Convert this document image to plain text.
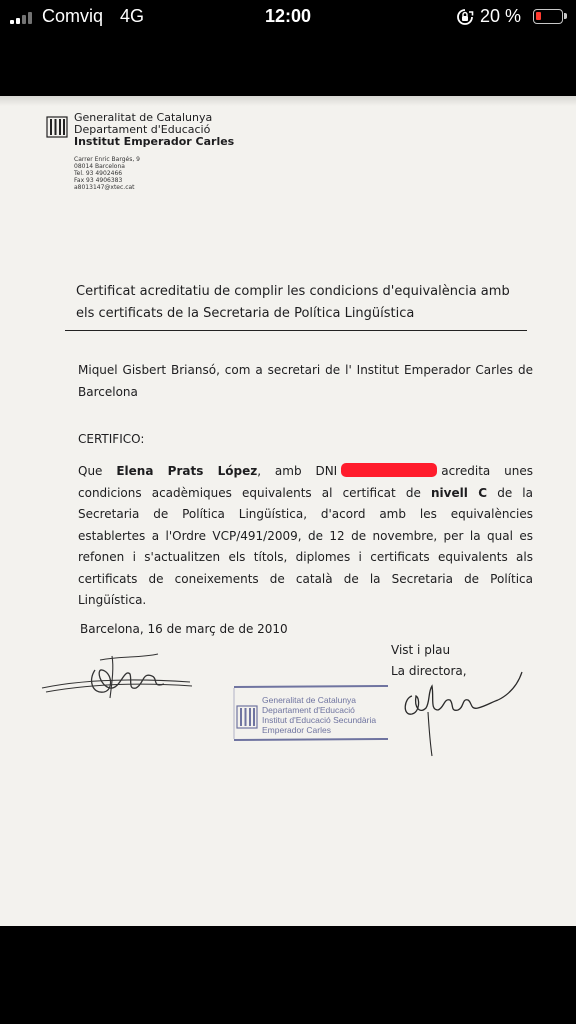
Comviq 4G	12:00	20 %
Generalitat de Catalunya
Departament d'Educació
Institut Emperador Carles
Carrer Enric Bargés, 9
08014 Barcelona
Tel. 93 4902466
Fax 93 4906383
a8013147@xtec.cat
Certificat acreditatiu de complir les condicions d'equivalència amb els certificats de la Secretaria de Política Lingüística
Miquel Gisbert Briansó, com a secretari de l' Institut Emperador Carles de Barcelona
CERTIFICO:
Que Elena Prats López, amb DNI	acredita unes condicions acadèmiques equivalents al certificat de nivell C de la Secretaria de Política Lingüística, d'acord amb les equivalències establertes a l'Ordre VCP/491/2009, de 12 de novembre, per la qual es refonen i s'actualitzen els títols, diplomes i certificats equivalents als certificats de coneixements de català de la Secretaria de Política Lingüística.
Barcelona, 16 de març de de 2010
Vist i plau
La directora,
Generalitat de Catalunya
Departament d'Educació
Institut d'Educació Secundària
Emperador Carles
